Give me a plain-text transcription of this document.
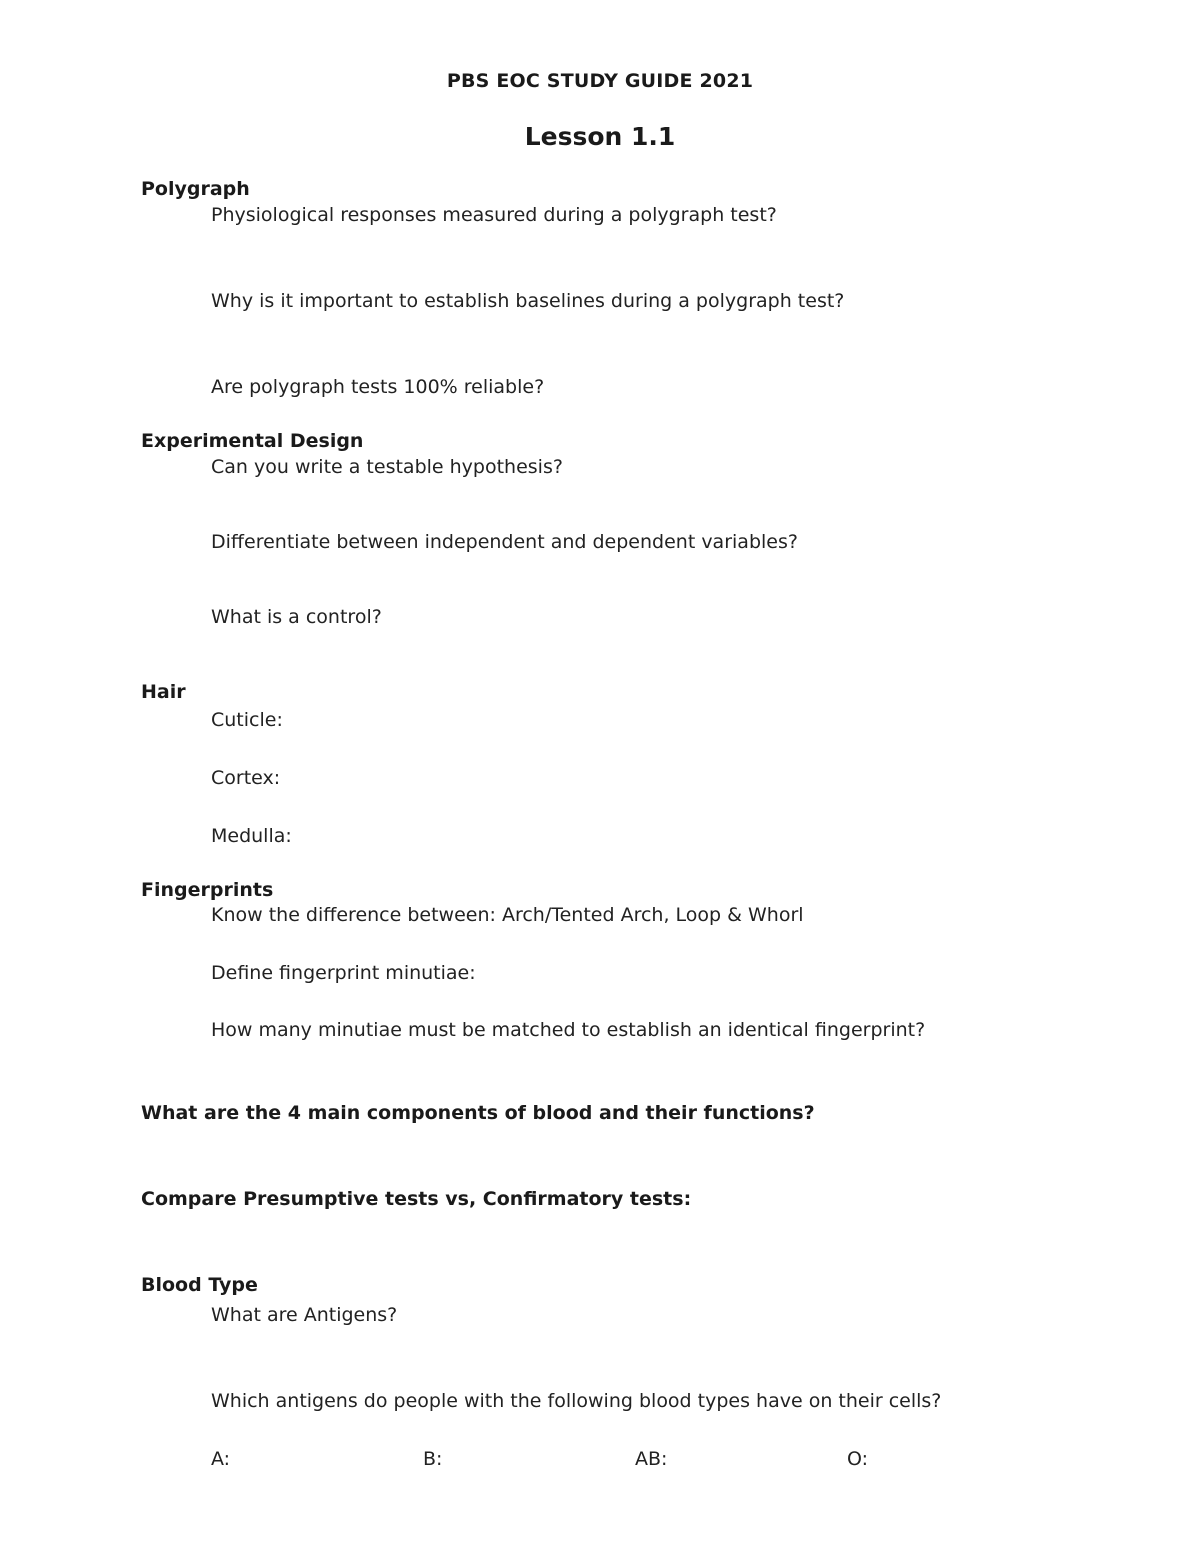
PBS EOC STUDY GUIDE 2021
Lesson 1.1
Polygraph
Physiological responses measured during a polygraph test?
Why is it important to establish baselines during a polygraph test?
Are polygraph tests 100% reliable?
Experimental Design
Can you write a testable hypothesis?
Differentiate between independent and dependent variables?
What is a control?
Hair
Cuticle:
Cortex:
Medulla:
Fingerprints
Know the difference between: Arch/Tented Arch, Loop & Whorl
Define fingerprint minutiae:
How many minutiae must be matched to establish an identical fingerprint?
What are the 4 main components of blood and their functions?
Compare Presumptive tests vs, Confirmatory tests:
Blood Type
What are Antigens?
Which antigens do people with the following blood types have on their cells?
A:	B:	AB:	O:
